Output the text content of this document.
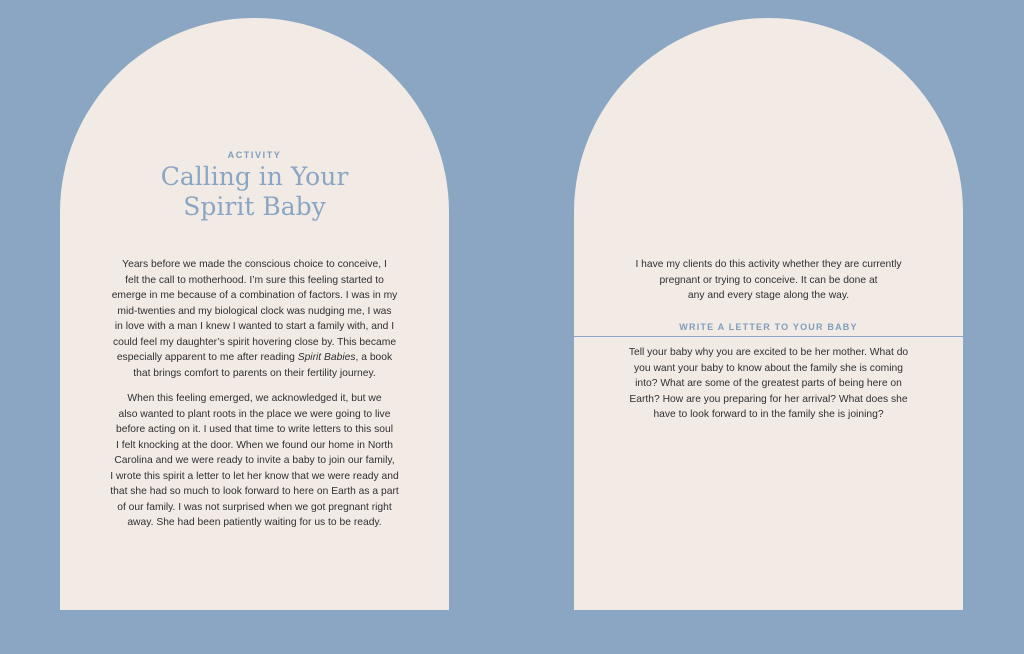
ACTIVITY
Calling in Your
Spirit Baby

Years before we made the conscious choice to conceive, I
felt the call to motherhood. I’m sure this feeling started to
emerge in me because of a combination of factors. I was in my
mid-twenties and my biological clock was nudging me, I was
in love with a man I knew I wanted to start a family with, and I
could feel my daughter’s spirit hovering close by. This became
especially apparent to me after reading Spirit Babies, a book
that brings comfort to parents on their fertility journey.

When this feeling emerged, we acknowledged it, but we
also wanted to plant roots in the place we were going to live
before acting on it. I used that time to write letters to this soul
I felt knocking at the door. When we found our home in North
Carolina and we were ready to invite a baby to join our family,
I wrote this spirit a letter to let her know that we were ready and
that she had so much to look forward to here on Earth as a part
of our family. I was not surprised when we got pregnant right
away. She had been patiently waiting for us to be ready.

I have my clients do this activity whether they are currently
pregnant or trying to conceive. It can be done at
any and every stage along the way.

WRITE A LETTER TO YOUR BABY

Tell your baby why you are excited to be her mother. What do
you want your baby to know about the family she is coming
into? What are some of the greatest parts of being here on
Earth? How are you preparing for her arrival? What does she
have to look forward to in the family she is joining?
